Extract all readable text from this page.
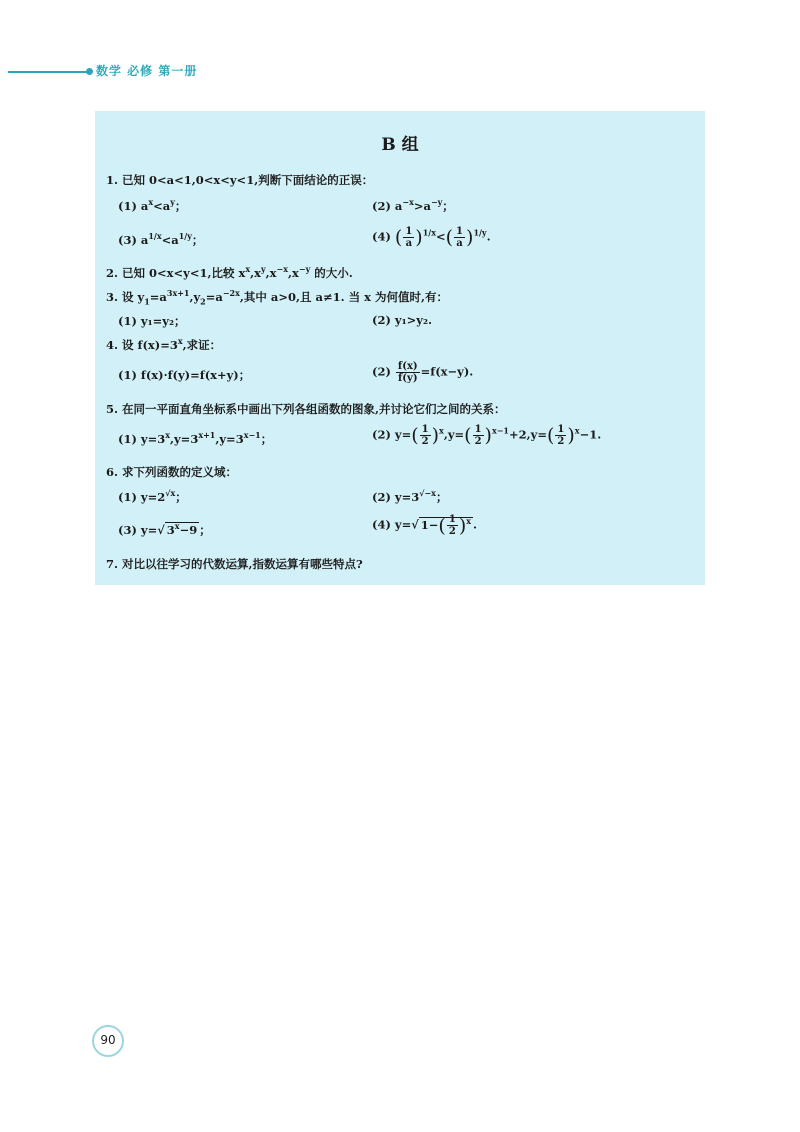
数学 必修 第一册
B 组
1. 已知 0<a<1,0<x<y<1,判断下面结论的正误：
(1) $a^x<a^y$；	(2) $a^{-x}>a^{-y}$；
(3) $a^{1/x}<a^{1/y}$；	(4) ( $\frac{1}{a} )^{1/x}<( \frac{1}{a} )^{1/y}$.
2. 已知 0<x<y<1,比较 $x^x,x^y,x^{-x},x^{-y}$ 的大小.
3. 设 $y_1=a^{3x+1},y_2=a^{-2x}$,其中 a>0,且 a≠1. 当 x 为何值时,有：
(1) y₁=y₂；	(2) y₁>y₂.
4. 设 $f(x)=3^x$,求证：
(1) f(x)·f(y)=f(x+y)；	$(2) \frac{f(x)}{f(y)} =f(x-y)$.
5. 在同一平面直角坐标系中画出下列各组函数的图象,并讨论它们之间的关系：
(1) $y=3^x,y=3^{x+1},y=3^{x-1}$；	(2) $y=( \frac{1}{2} )^x,y=( \frac{1}{2} )^{x-1}+2,y=( \frac{1}{2} )^x-1$.
6. 求下列函数的定义域：
(1) $y=2^{√x}$；	(2) $y=3^{√-x}$；
(3) y=√ $3^x-9$ ；	(4) y=√ $1-( \frac{1}{2} )^x$ .
7. 对比以往学习的代数运算,指数运算有哪些特点?
90
